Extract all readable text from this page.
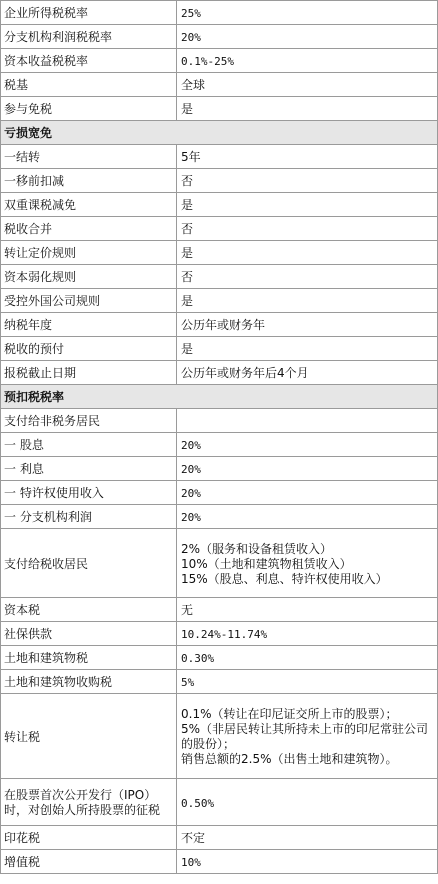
企业所得税税率	25%
分支机构利润税税率	20%
资本收益税税率	0.1%-25%
税基	全球
参与免税	是
亏损宽免	
一结转	5年
一移前扣减	否
双重课税减免	是
税收合并	否
转让定价规则	是
资本弱化规则	否
受控外国公司规则	是
纳税年度	公历年或财务年
税收的预付	是
报税截止日期	公历年或财务年后4个月
预扣税税率	
支付给非税务居民	
一 股息	20%
一 利息	20%
一 特许权使用收入	20%
一 分支机构利润	20%
支付给税收居民	2%（服务和设备租赁收入）
10%（土地和建筑物租赁收入）
15%（股息、利息、特许权使用收入）
资本税	无
社保供款	10.24%-11.74%
土地和建筑物税	0.30%
土地和建筑物收购税	5%
转让税	0.1%（转让在印尼证交所上市的股票）；
5%（非居民转让其所持未上市的印尼常驻公司的股份）；
销售总额的2.5%（出售土地和建筑物）。
在股票首次公开发行（IPO）
时，对创始人所持股票的征税	0.50%
印花税	不定
增值税	10%
